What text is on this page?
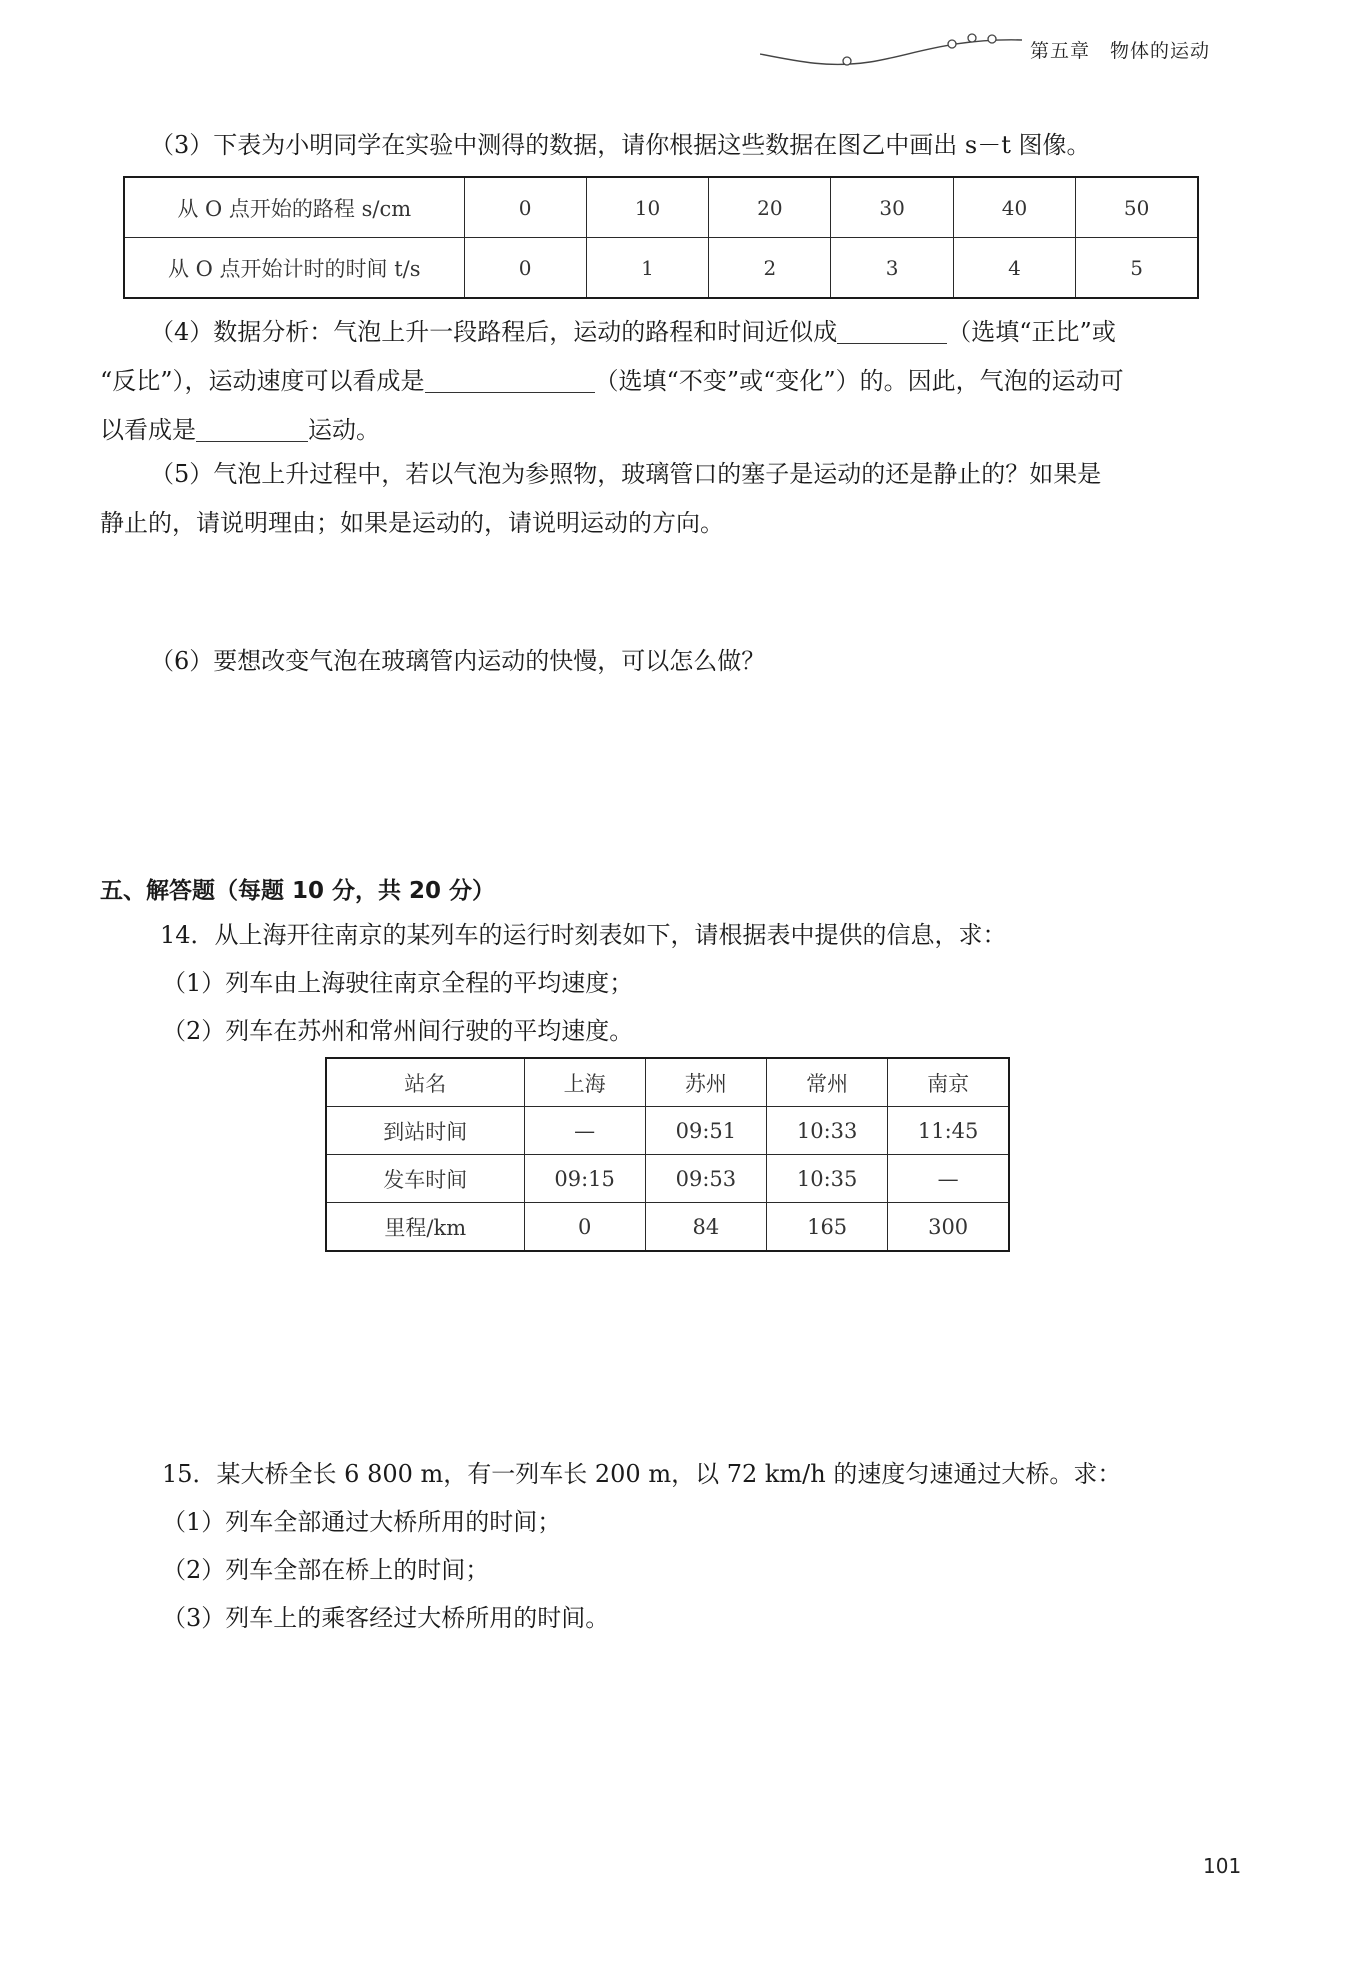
第五章　物体的运动
（3）下表为小明同学在实验中测得的数据，请你根据这些数据在图乙中画出 s－t 图像。
从 O 点开始的路程 s/cm	0	10	20	30	40	50
从 O 点开始计时的时间 t/s	0	1	2	3	4	5
（4）数据分析：气泡上升一段路程后，运动的路程和时间近似成	（选填“正比”或
“反比”），运动速度可以看成是	（选填“不变”或“变化”）的。因此，气泡的运动可
以看成是	运动。
（5）气泡上升过程中，若以气泡为参照物，玻璃管口的塞子是运动的还是静止的？如果是
静止的，请说明理由；如果是运动的，请说明运动的方向。
（6）要想改变气泡在玻璃管内运动的快慢，可以怎么做？
五、解答题（每题 10 分，共 20 分）
14．从上海开往南京的某列车的运行时刻表如下，请根据表中提供的信息，求：
（1）列车由上海驶往南京全程的平均速度；
（2）列车在苏州和常州间行驶的平均速度。
站名	上海	苏州	常州	南京
到站时间	—	09:51	10:33	11:45
发车时间	09:15	09:53	10:35	—
里程/km	0	84	165	300
15．某大桥全长 6 800 m，有一列车长 200 m，以 72 km/h 的速度匀速通过大桥。求：
（1）列车全部通过大桥所用的时间；
（2）列车全部在桥上的时间；
（3）列车上的乘客经过大桥所用的时间。
101
